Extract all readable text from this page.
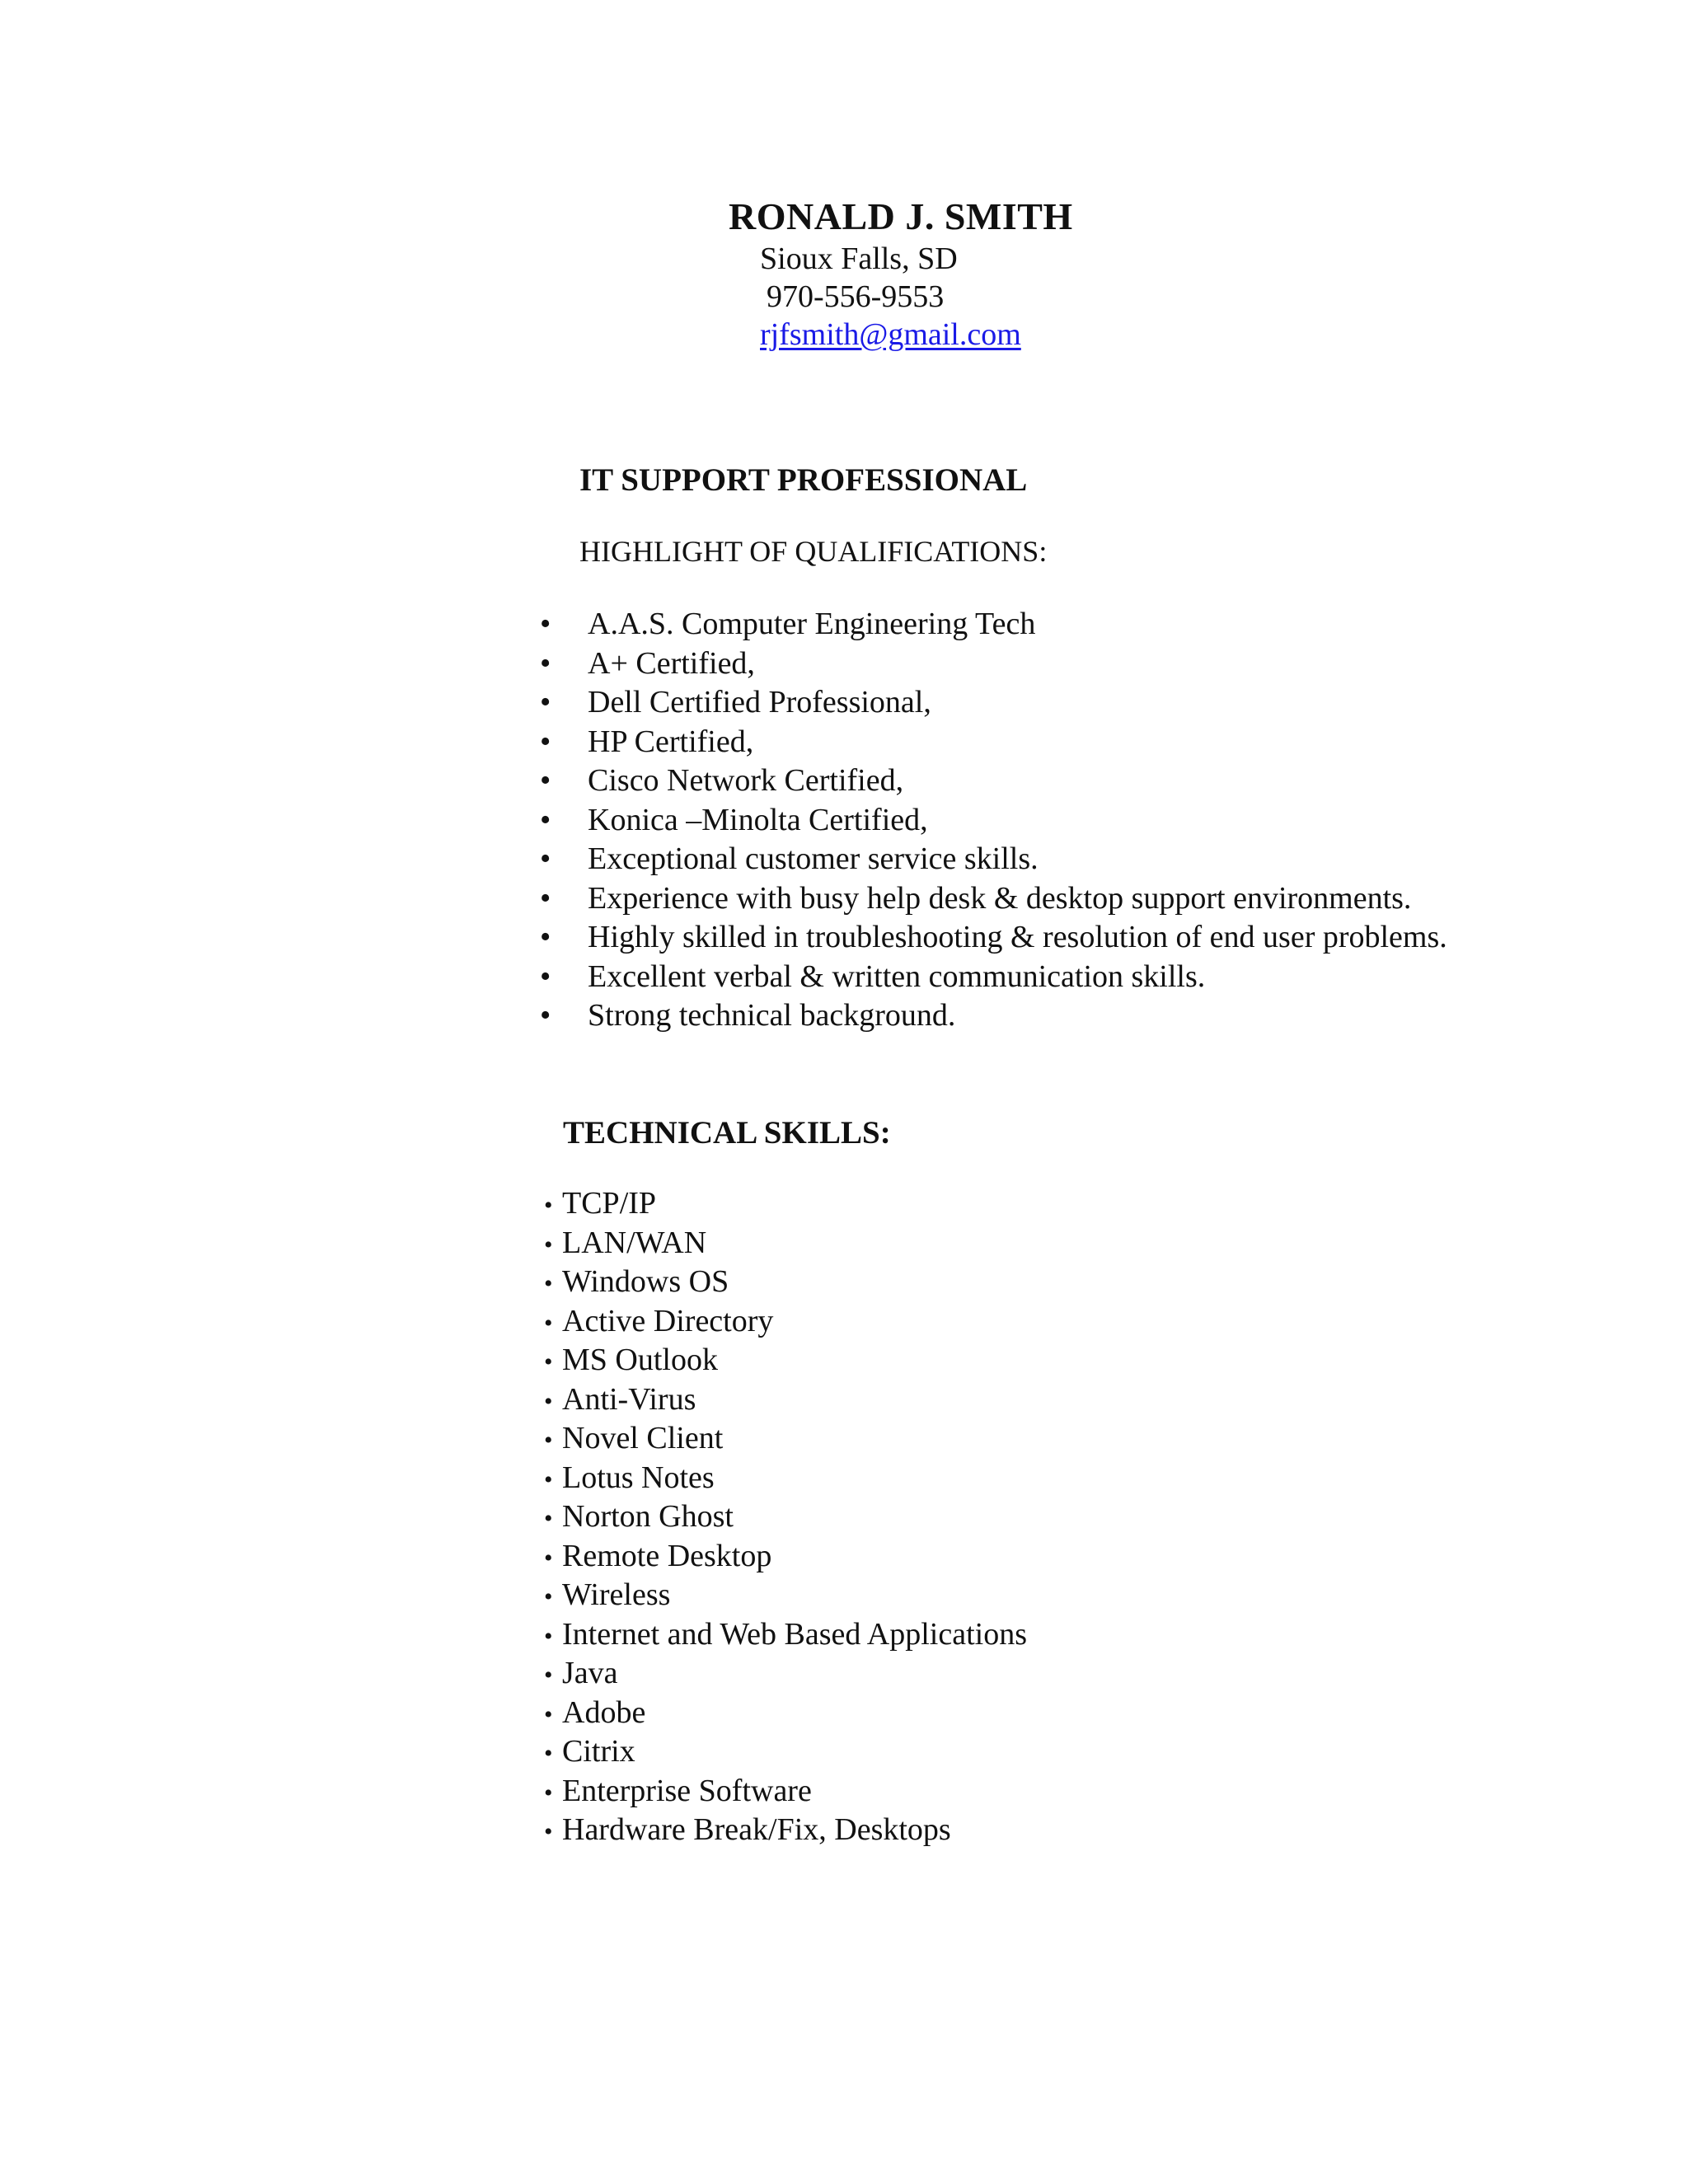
RONALD J. SMITH
Sioux Falls, SD
970-556-9553
rjfsmith@gmail.com
IT SUPPORT PROFESSIONAL
HIGHLIGHT OF QUALIFICATIONS:
• A.A.S. Computer Engineering Tech
• A+ Certified,
• Dell Certified Professional,
• HP Certified,
• Cisco Network Certified,
• Konica –Minolta Certified,
• Exceptional customer service skills.
• Experience with busy help desk & desktop support environments.
• Highly skilled in troubleshooting & resolution of end user problems.
• Excellent verbal & written communication skills.
• Strong technical background.
TECHNICAL SKILLS:
• TCP/IP
• LAN/WAN
• Windows OS
• Active Directory
• MS Outlook
• Anti-Virus
• Novel Client
• Lotus Notes
• Norton Ghost
• Remote Desktop
• Wireless
• Internet and Web Based Applications
• Java
• Adobe
• Citrix
• Enterprise Software
• Hardware Break/Fix, Desktops
